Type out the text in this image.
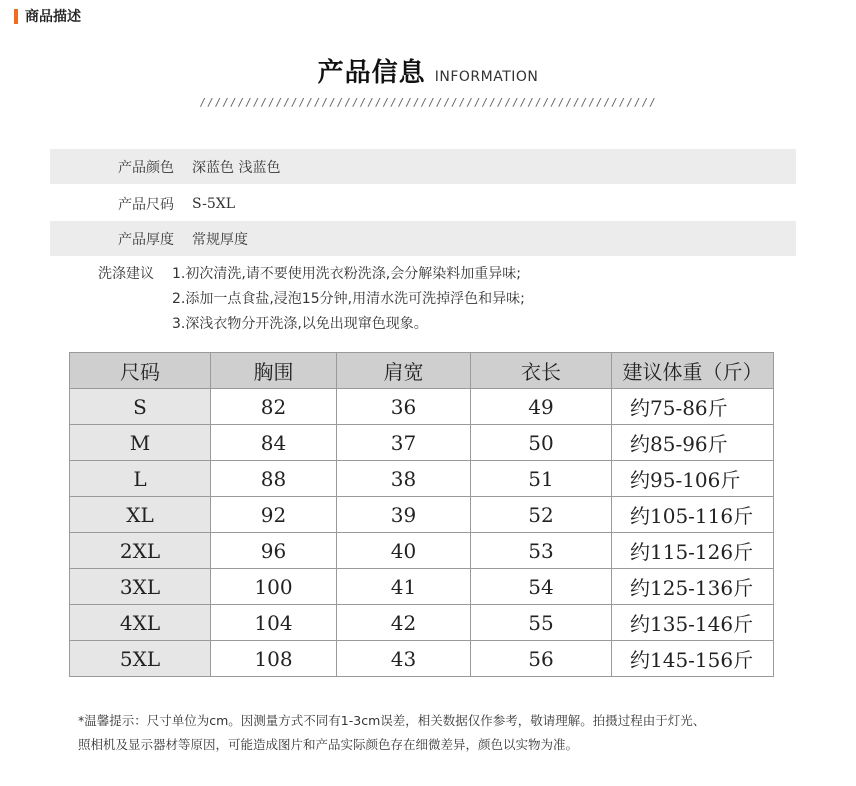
商品描述
产品信息 INFORMATION
////////////////////////////////////////////////////////////
产品颜色 深蓝色 浅蓝色
产品尺码 S-5XL
产品厚度 常规厚度
洗涤建议 1.初次清洗,请不要使用洗衣粉洗涤,会分解染料加重异味;
2.添加一点食盐,浸泡15分钟,用清水洗可洗掉浮色和异味;
3.深浅衣物分开洗涤,以免出现窜色现象。
尺码	胸围	肩宽	衣长	建议体重（斤）
S	82	36	49	约75-86斤
M	84	37	50	约85-96斤
L	88	38	51	约95-106斤
XL	92	39	52	约105-116斤
2XL	96	40	53	约115-126斤
3XL	100	41	54	约125-136斤
4XL	104	42	55	约135-146斤
5XL	108	43	56	约145-156斤
*温馨提示：尺寸单位为cm。因测量方式不同有1-3cm误差，相关数据仅作参考，敬请理解。拍摄过程由于灯光、
照相机及显示器材等原因，可能造成图片和产品实际颜色存在细微差异，颜色以实物为准。
